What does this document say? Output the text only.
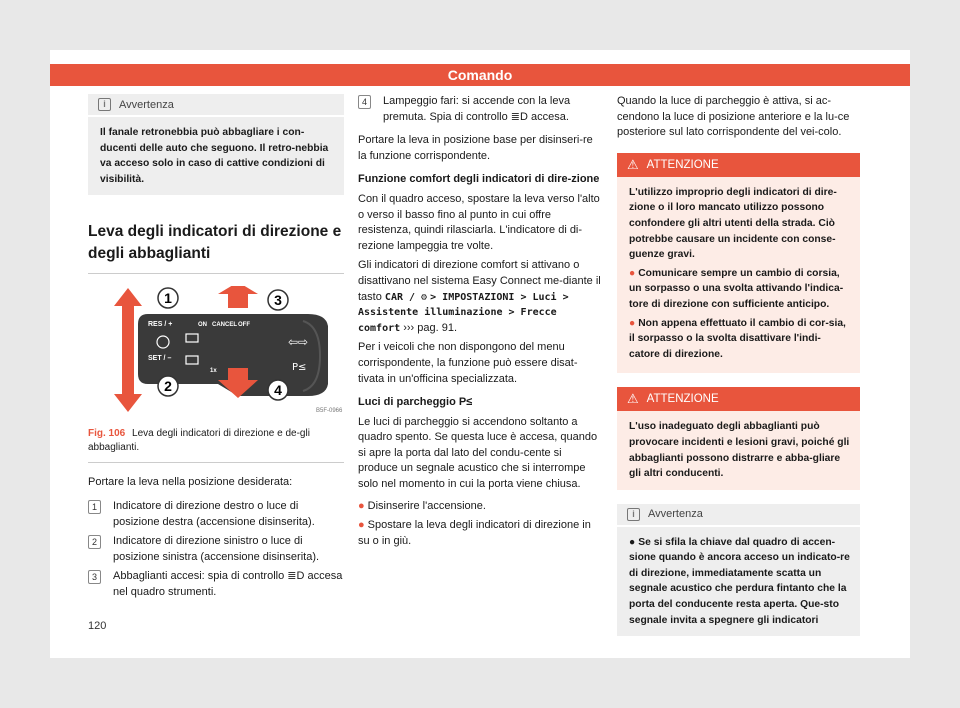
Comando
i	Avvertenza
Il fanale retronebbia può abbagliare i con-ducenti delle auto che seguono. Il retro-nebbia va acceso solo in caso di cattive condizioni di visibilità.
Leva degli indicatori di direzione e degli abbaglianti
1	3
2	4
RES / +
SET / –
ON CANCEL OFF
1x
⇦⇨
P≤
B5F-0966
Fig. 106 Leva degli indicatori di direzione e de-gli abbaglianti.

Portare la leva nella posizione desiderata:

1	Indicatore di direzione destro o luce di posizione destra (accensione disinserita).
2	Indicatore di direzione sinistro o luce di posizione sinistra (accensione disinserita).
3	Abbaglianti accesi: spia di controllo ≣D accesa nel quadro strumenti.
4	Lampeggio fari: si accende con la leva premuta. Spia di controllo ≣D accesa.

Portare la leva in posizione base per disinseri-re la funzione corrispondente.

Funzione comfort degli indicatori di dire-zione

Con il quadro acceso, spostare la leva verso l'alto o verso il basso fino al punto in cui offre resistenza, quindi rilasciarla. L'indicatore di di-rezione lampeggia tre volte.

Gli indicatori di direzione comfort si attivano o disattivano nel sistema Easy Connect me-diante il tasto CAR / ⚙ > IMPOSTAZIONI > Luci > Assistente illuminazione > Frecce comfort ››› pag. 91.

Per i veicoli che non dispongono del menu corrispondente, la funzione può essere disat-tivata in un'officina specializzata.

Luci di parcheggio P≤

Le luci di parcheggio si accendono soltanto a quadro spento. Se questa luce è accesa, quando si apre la porta dal lato del condu-cente si produce un segnale acustico che si interrompe solo nel momento in cui la porta viene chiusa.

● Disinserire l'accensione.

● Spostare la leva degli indicatori di direzione in su o in giù.

Quando la luce di parcheggio è attiva, si ac-cendono la luce di posizione anteriore e la lu-ce posteriore sul lato corrispondente del vei-colo.

⚠ ATTENZIONE

L'utilizzo improprio degli indicatori di dire-zione o il loro mancato utilizzo possono confondere gli altri utenti della strada. Ciò potrebbe causare un incidente con conse-guenze gravi.

● Comunicare sempre un cambio di corsia, un sorpasso o una svolta attivando l'indica-tore di direzione con sufficiente anticipo.

● Non appena effettuato il cambio di cor-sia, il sorpasso o la svolta disattivare l'indi-catore di direzione.

⚠ ATTENZIONE
L'uso inadeguato degli abbaglianti può provocare incidenti e lesioni gravi, poiché gli abbaglianti possono distrarre e abba-gliare gli altri conducenti.
i	Avvertenza

● Se si sfila la chiave dal quadro di accen-sione quando è ancora acceso un indicato-re di direzione, immediatamente scatta un segnale acustico che perdura fintanto che la porta del conducente resta aperta. Que-sto segnale invita a spegnere gli indicatori

120
